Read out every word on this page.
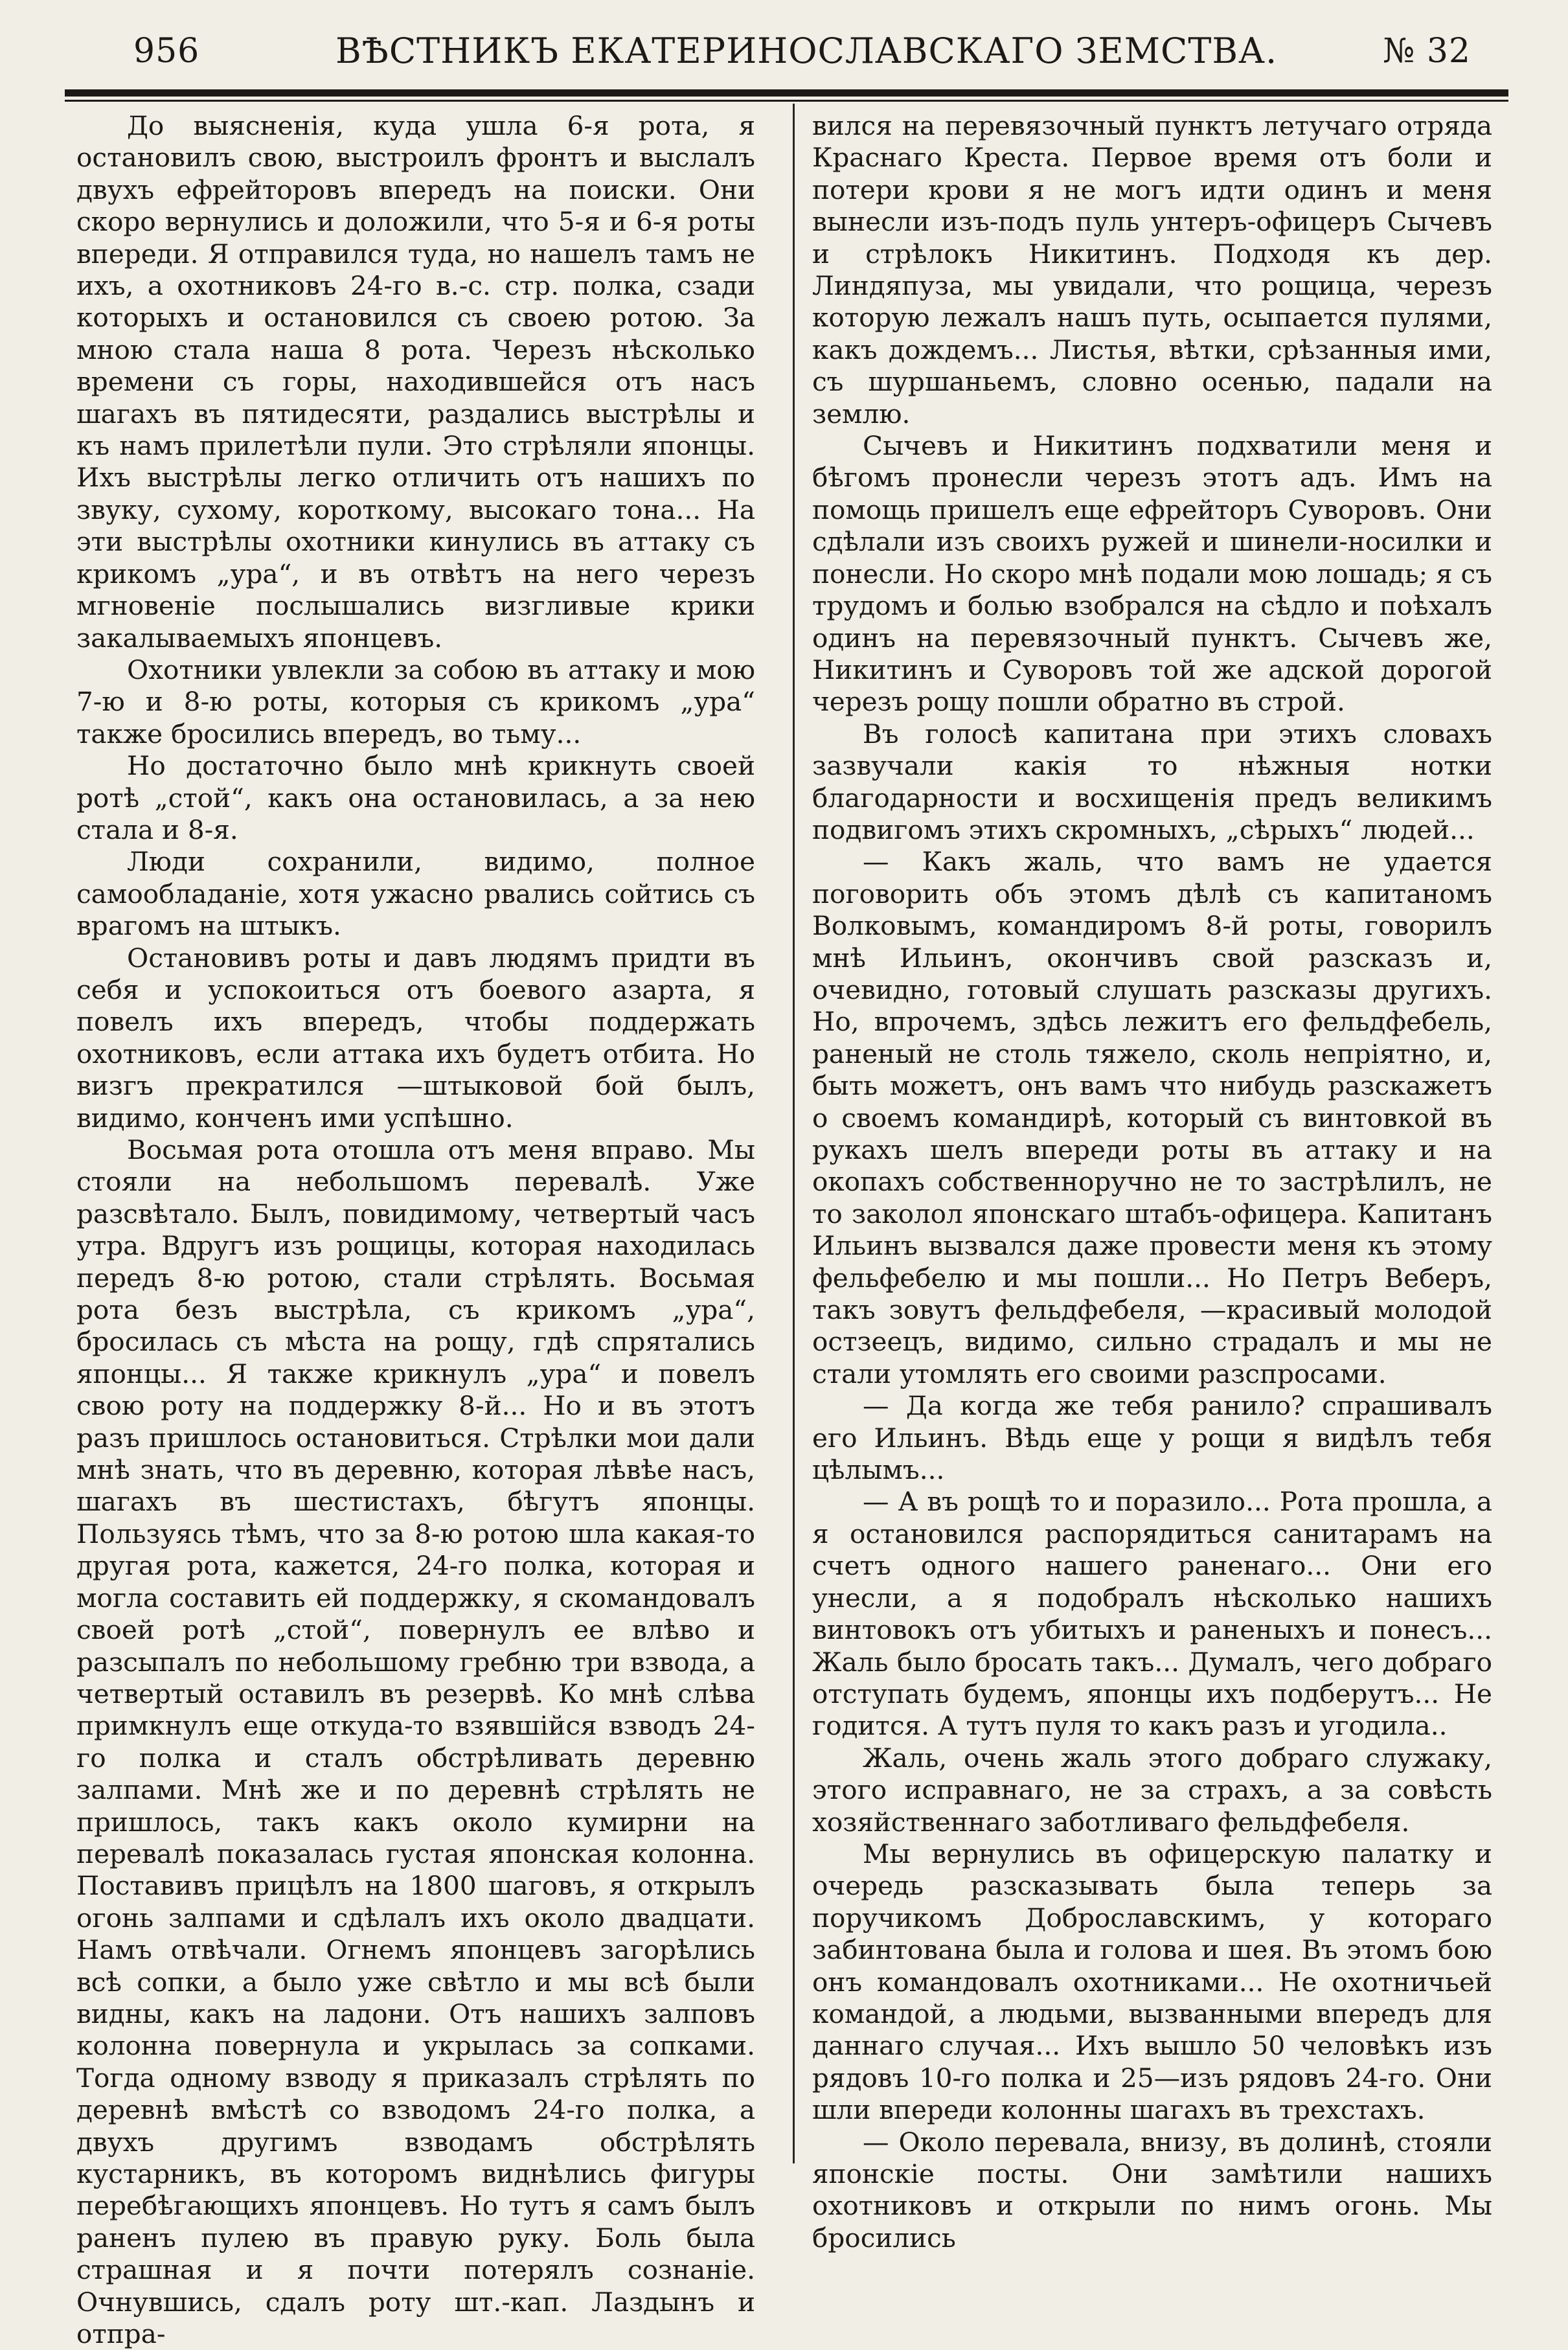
956	ВѢСТНИКЪ ЕКАТЕРИНОСЛАВСКАГО ЗЕМСТВА.	№ 32

До выясненія, куда ушла 6-я рота, я остановилъ свою, выстроилъ фронтъ и выслалъ двухъ ефрейторовъ впередъ на поиски. Они скоро вернулись и доложили, что 5-я и 6-я роты впереди. Я отправился туда, но нашелъ тамъ не ихъ, а охотниковъ 24-го в.-с. стр. полка, сзади которыхъ и остановился съ своею ротою. За мною стала наша 8 рота. Черезъ нѣсколько времени съ горы, находившейся отъ насъ шагахъ въ пятидесяти, раздались выстрѣлы и къ намъ прилетѣли пули. Это стрѣляли японцы. Ихъ выстрѣлы легко отличить отъ нашихъ по звуку, сухому, короткому, высокаго тона... На эти выстрѣлы охотники кинулись въ аттаку съ крикомъ „ура“, и въ отвѣтъ на него черезъ мгновеніе послышались визгливые крики закалываемыхъ японцевъ.

Охотники увлекли за собою въ аттаку и мою 7-ю и 8-ю роты, которыя съ крикомъ „ура“ также бросились впередъ, во тьму...

Но достаточно было мнѣ крикнуть своей ротѣ „стой“, какъ она остановилась, а за нею стала и 8-я.

Люди сохранили, видимо, полное самообладаніе, хотя ужасно рвались сойтись съ врагомъ на штыкъ.

Остановивъ роты и давъ людямъ придти въ себя и успокоиться отъ боевого азарта, я повелъ ихъ впередъ, чтобы поддержать охотниковъ, если аттака ихъ будетъ отбита. Но визгъ прекратился —штыковой бой былъ, видимо, конченъ ими успѣшно.

Восьмая рота отошла отъ меня вправо. Мы стояли на небольшомъ перевалѣ. Уже разсвѣтало. Былъ, повидимому, четвертый часъ утра. Вдругъ изъ рощицы, которая находилась передъ 8-ю ротою, стали стрѣлять. Восьмая рота безъ выстрѣла, съ крикомъ „ура“, бросилась съ мѣста на рощу, гдѣ спрятались японцы... Я также крикнулъ „ура“ и повелъ свою роту на поддержку 8-й... Но и въ этотъ разъ пришлось остановиться. Стрѣлки мои дали мнѣ знать, что въ деревню, которая лѣвѣе насъ, шагахъ въ шестистахъ, бѣгутъ японцы. Пользуясь тѣмъ, что за 8-ю ротою шла какая-то другая рота, кажется, 24-го полка, которая и могла составить ей поддержку, я скомандовалъ своей ротѣ „стой“, повернулъ ее влѣво и разсыпалъ по небольшому гребню три взвода, а четвертый оставилъ въ резервѣ. Ко мнѣ слѣва примкнулъ еще откуда-то взявшійся взводъ 24-го полка и сталъ обстрѣливать деревню залпами. Мнѣ же и по деревнѣ стрѣлять не пришлось, такъ какъ около кумирни на перевалѣ показалась густая японская колонна. Поставивъ прицѣлъ на 1800 шаговъ, я открылъ огонь залпами и сдѣлалъ ихъ около двадцати. Намъ отвѣчали. Огнемъ японцевъ загорѣлись всѣ сопки, а было уже свѣтло и мы всѣ были видны, какъ на ладони. Отъ нашихъ залповъ колонна повернула и укрылась за сопками. Тогда одному взводу я приказалъ стрѣлять по деревнѣ вмѣстѣ со взводомъ 24-го полка, а двухъ другимъ взводамъ обстрѣлять кустарникъ, въ которомъ виднѣлись фигуры перебѣгающихъ японцевъ. Но тутъ я самъ былъ раненъ пулею въ правую руку. Боль была страшная и я почти потерялъ сознаніе. Очнувшись, сдалъ роту шт.-кап. Лаздынъ и отпра-

вился на перевязочный пунктъ летучаго отряда Краснаго Креста. Первое время отъ боли и потери крови я не могъ идти одинъ и меня вынесли изъ-подъ пуль унтеръ-офицеръ Сычевъ и стрѣлокъ Никитинъ. Подходя къ дер. Линдяпуза, мы увидали, что рощица, черезъ которую лежалъ нашъ путь, осыпается пулями, какъ дождемъ... Листья, вѣтки, срѣзанныя ими, съ шуршаньемъ, словно осенью, падали на землю.

Сычевъ и Никитинъ подхватили меня и бѣгомъ пронесли черезъ этотъ адъ. Имъ на помощь пришелъ еще ефрейторъ Суворовъ. Они сдѣлали изъ своихъ ружей и шинели-носилки и понесли. Но скоро мнѣ подали мою лошадь; я съ трудомъ и болью взобрался на сѣдло и поѣхалъ одинъ на перевязочный пунктъ. Сычевъ же, Никитинъ и Суворовъ той же адской дорогой черезъ рощу пошли обратно въ строй.

Въ голосѣ капитана при этихъ словахъ зазвучали какія то нѣжныя нотки благодарности и восхищенія предъ великимъ подвигомъ этихъ скромныхъ, „сѣрыхъ“ людей...

— Какъ жаль, что вамъ не удается поговорить объ этомъ дѣлѣ съ капитаномъ Волковымъ, командиромъ 8-й роты, говорилъ мнѣ Ильинъ, окончивъ свой разсказъ и, очевидно, готовый слушать разсказы другихъ. Но, впрочемъ, здѣсь лежитъ его фельдфебель, раненый не столь тяжело, сколь непріятно, и, быть можетъ, онъ вамъ что нибудь разскажетъ о своемъ командирѣ, который съ винтовкой въ рукахъ шелъ впереди роты въ аттаку и на окопахъ собственноручно не то застрѣлилъ, не то заколол японскаго штабъ-офицера. Капитанъ Ильинъ вызвался даже провести меня къ этому фельфебелю и мы пошли... Но Петръ Веберъ, такъ зовутъ фельдфебеля, —красивый молодой остзеецъ, видимо, сильно страдалъ и мы не стали утомлять его своими разспросами.

— Да когда же тебя ранило? спрашивалъ его Ильинъ. Вѣдь еще у рощи я видѣлъ тебя цѣлымъ...

— А въ рощѣ то и поразило... Рота прошла, а я остановился распорядиться санитарамъ на счетъ одного нашего раненаго... Они его унесли, а я подобралъ нѣсколько нашихъ винтовокъ отъ убитыхъ и раненыхъ и понесъ... Жаль было бросать такъ... Думалъ, чего добраго отступать будемъ, японцы ихъ подберутъ... Не годится. А тутъ пуля то какъ разъ и угодила..

Жаль, очень жаль этого добраго служаку, этого исправнаго, не за страхъ, а за совѣсть хозяйственнаго заботливаго фельдфебеля.

Мы вернулись въ офицерскую палатку и очередь разсказывать была теперь за поручикомъ Доброславскимъ, у котораго забинтована была и голова и шея. Въ этомъ бою онъ командовалъ охотниками... Не охотничьей командой, а людьми, вызванными впередъ для даннаго случая... Ихъ вышло 50 человѣкъ изъ рядовъ 10-го полка и 25—изъ рядовъ 24-го. Они шли впереди колонны шагахъ въ трехстахъ.

— Около перевала, внизу, въ долинѣ, стояли японскіе посты. Они замѣтили нашихъ охотниковъ и открыли по нимъ огонь. Мы бросились
